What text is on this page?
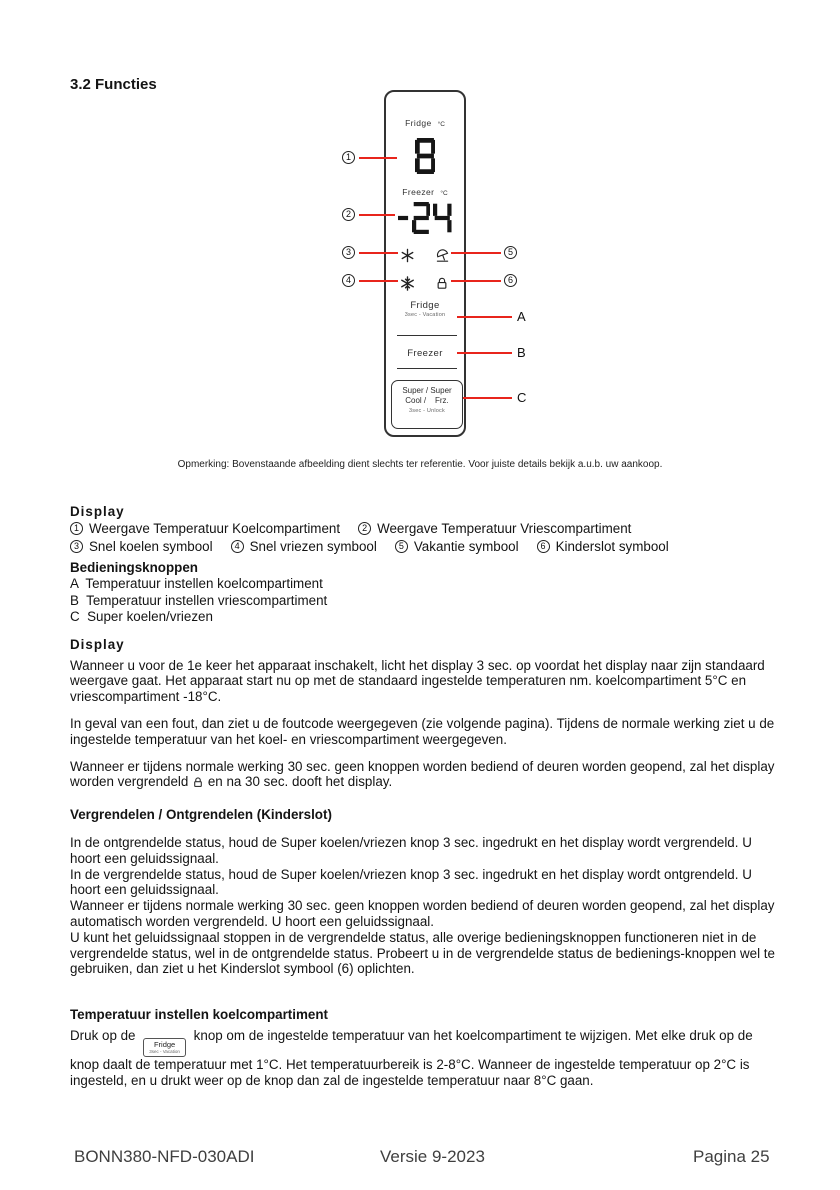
3.2 Functies
Fridge °C
Freezer °C
Fridge
3sec - Vacation
Freezer
Super / Super
Cool /    Frz.
3sec - Unlock
1
2
3
4
5
6
A
B
C
Opmerking: Bovenstaande afbeelding dient slechts ter referentie. Voor juiste details bekijk a.u.b. uw aankoop.
Display
1 Weergave Temperatuur Koelcompartiment	2 Weergave Temperatuur Vriescompartiment
3 Snel koelen symbool	4 Snel vriezen symbool	5 Vakantie symbool	6 Kinderslot symbool
Bedieningsknoppen
A  Temperatuur instellen koelcompartiment
B  Temperatuur instellen vriescompartiment
C  Super koelen/vriezen
Display
Wanneer u voor de 1e keer het apparaat inschakelt, licht het display 3 sec. op voordat het display naar zijn standaard weergave gaat. Het apparaat start nu op met de standaard ingestelde temperaturen nm. koelcompartiment 5°C en vriescompartiment -18°C.
In geval van een fout, dan ziet u de foutcode weergegeven (zie volgende pagina). Tijdens de normale werking ziet u de ingestelde temperatuur van het koel- en vriescompartiment weergegeven.
Wanneer er tijdens normale werking 30 sec. geen knoppen worden bediend of deuren worden geopend, zal het display worden vergrendeld en na 30 sec. dooft het display.
Vergrendelen / Ontgrendelen (Kinderslot)
In de ontgrendelde status, houd de Super koelen/vriezen knop 3 sec. ingedrukt en het display wordt vergrendeld. U hoort een geluidssignaal.
In de vergrendelde status, houd de Super koelen/vriezen knop 3 sec. ingedrukt en het display wordt ontgrendeld. U hoort een geluidssignaal.
Wanneer er tijdens normale werking 30 sec. geen knoppen worden bediend of deuren worden geopend, zal het display automatisch worden vergrendeld. U hoort een geluidssignaal.
U kunt het geluidssignaal stoppen in de vergrendelde status, alle overige bedieningsknoppen functioneren niet in de vergrendelde status, wel in de ontgrendelde status. Probeert u in de vergrendelde status de bedienings-knoppen wel te gebruiken, dan ziet u het Kinderslot symbool (6) oplichten.
Temperatuur instellen koelcompartiment
Druk op de
Fridge
3sec - Vacation
knop om de ingestelde temperatuur van het koelcompartiment te wijzigen. Met elke druk op de knop daalt de temperatuur met 1°C. Het temperatuurbereik is 2-8°C. Wanneer de ingestelde temperatuur op 2°C is ingesteld, en u drukt weer op de knop dan zal de ingestelde temperatuur naar 8°C gaan.
BONN380-NFD-030ADI	Versie 9-2023	Pagina 25
